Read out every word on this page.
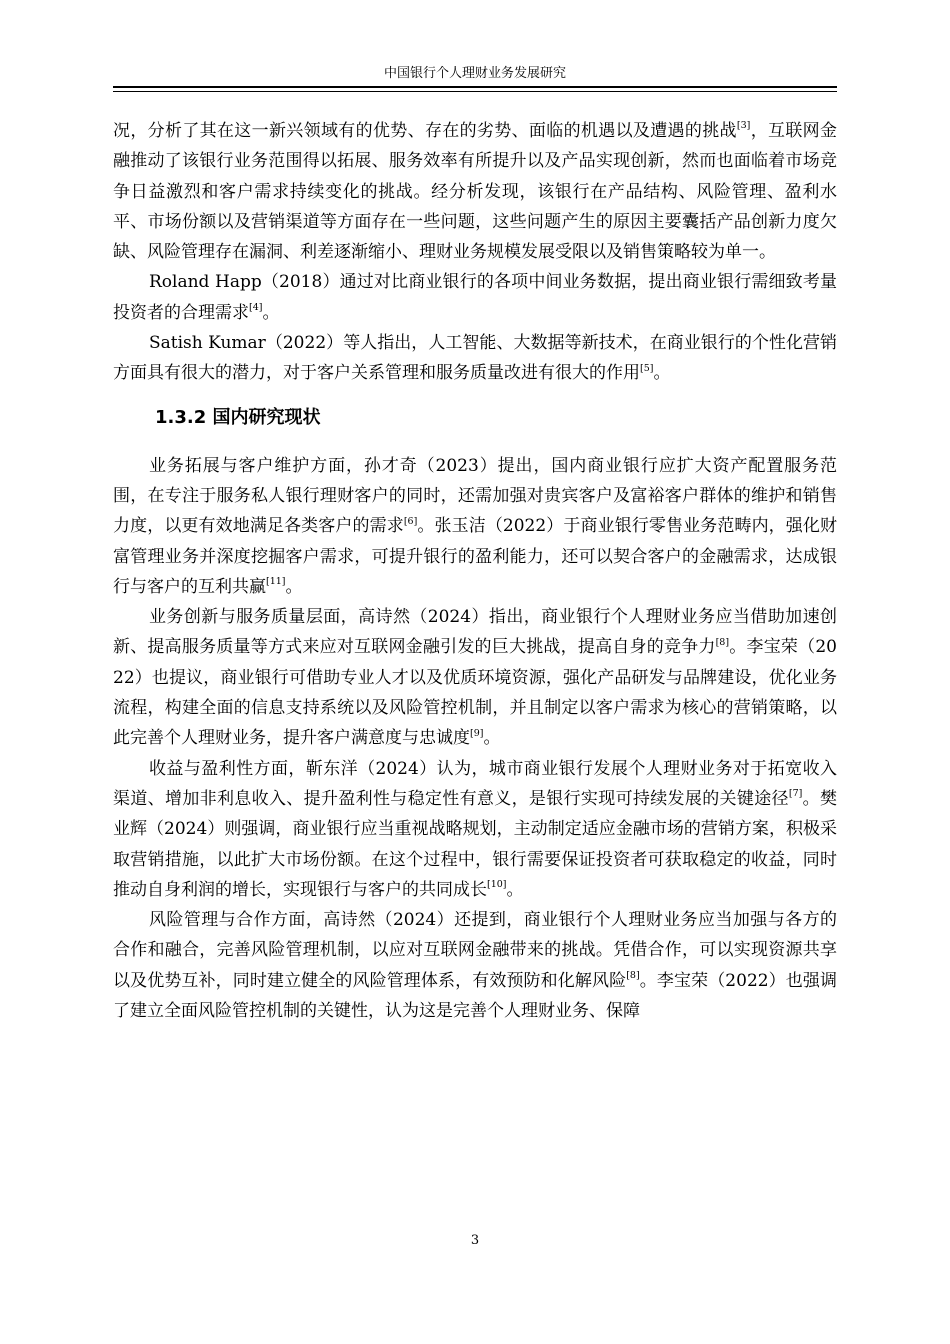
中国银行个人理财业务发展研究

况，分析了其在这一新兴领域有的优势、存在的劣势、面临的机遇以及遭遇的挑战[3]，互联网金融推动了该银行业务范围得以拓展、服务效率有所提升以及产品实现创新，然而也面临着市场竞争日益激烈和客户需求持续变化的挑战。经分析发现，该银行在产品结构、风险管理、盈利水平、市场份额以及营销渠道等方面存在一些问题，这些问题产生的原因主要囊括产品创新力度欠缺、风险管理存在漏洞、利差逐渐缩小、理财业务规模发展受限以及销售策略较为单一。

Roland Happ（2018）通过对比商业银行的各项中间业务数据，提出商业银行需细致考量投资者的合理需求[4]。

Satish Kumar（2022）等人指出，人工智能、大数据等新技术，在商业银行的个性化营销方面具有很大的潜力，对于客户关系管理和服务质量改进有很大的作用[5]。

1.3.2 国内研究现状

业务拓展与客户维护方面，孙才奇（2023）提出，国内商业银行应扩大资产配置服务范围，在专注于服务私人银行理财客户的同时，还需加强对贵宾客户及富裕客户群体的维护和销售力度，以更有效地满足各类客户的需求[6]。张玉洁（2022）于商业银行零售业务范畴内，强化财富管理业务并深度挖掘客户需求，可提升银行的盈利能力，还可以契合客户的金融需求，达成银行与客户的互利共赢[11]。

业务创新与服务质量层面，高诗然（2024）指出，商业银行个人理财业务应当借助加速创新、提高服务质量等方式来应对互联网金融引发的巨大挑战，提高自身的竞争力[8]。李宝荣（2022）也提议，商业银行可借助专业人才以及优质环境资源，强化产品研发与品牌建设，优化业务流程，构建全面的信息支持系统以及风险管控机制，并且制定以客户需求为核心的营销策略，以此完善个人理财业务，提升客户满意度与忠诚度[9]。

收益与盈利性方面，靳东洋（2024）认为，城市商业银行发展个人理财业务对于拓宽收入渠道、增加非利息收入、提升盈利性与稳定性有意义，是银行实现可持续发展的关键途径[7]。樊业辉（2024）则强调，商业银行应当重视战略规划，主动制定适应金融市场的营销方案，积极采取营销措施，以此扩大市场份额。在这个过程中，银行需要保证投资者可获取稳定的收益，同时推动自身利润的增长，实现银行与客户的共同成长[10]。

风险管理与合作方面，高诗然（2024）还提到，商业银行个人理财业务应当加强与各方的合作和融合，完善风险管理机制，以应对互联网金融带来的挑战。凭借合作，可以实现资源共享以及优势互补，同时建立健全的风险管理体系，有效预防和化解风险[8]。李宝荣（2022）也强调了建立全面风险管控机制的关键性，认为这是完善个人理财业务、保障

3
